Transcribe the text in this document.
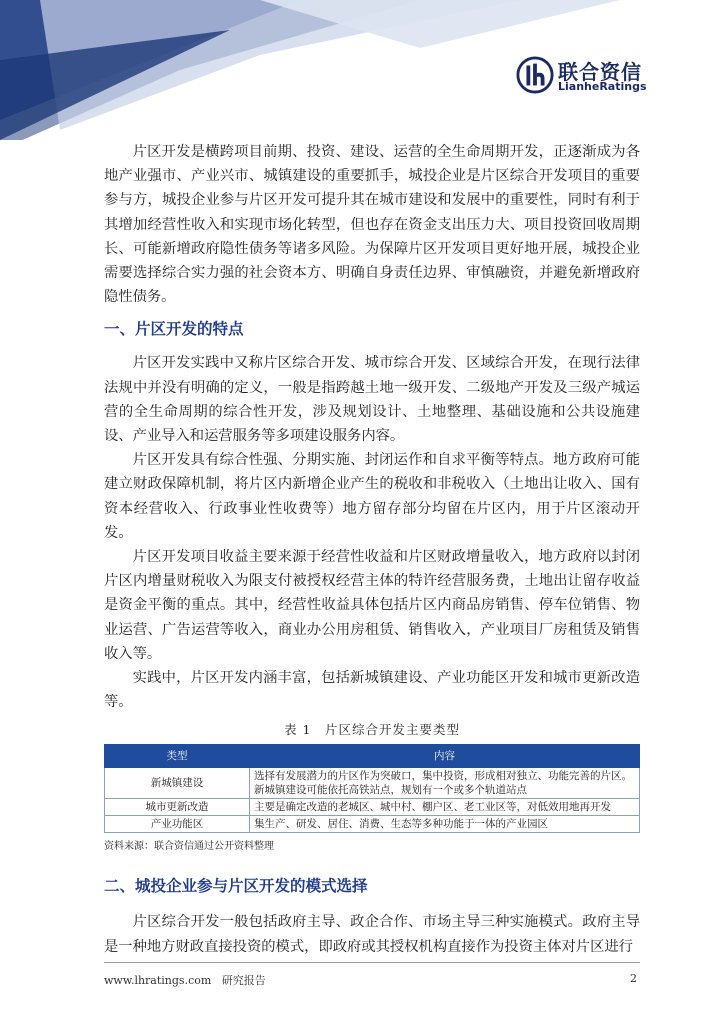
联合资信
LianheRatings

片区开发是横跨项目前期、投资、建设、运营的全生命周期开发，正逐渐成为各地产业强市、产业兴市、城镇建设的重要抓手，城投企业是片区综合开发项目的重要参与方，城投企业参与片区开发可提升其在城市建设和发展中的重要性，同时有利于其增加经营性收入和实现市场化转型，但也存在资金支出压力大、项目投资回收周期长、可能新增政府隐性债务等诸多风险。为保障片区开发项目更好地开展，城投企业需要选择综合实力强的社会资本方、明确自身责任边界、审慎融资，并避免新增政府隐性债务。

一、片区开发的特点

片区开发实践中又称片区综合开发、城市综合开发、区域综合开发，在现行法律法规中并没有明确的定义，一般是指跨越土地一级开发、二级地产开发及三级产城运营的全生命周期的综合性开发，涉及规划设计、土地整理、基础设施和公共设施建设、产业导入和运营服务等多项建设服务内容。

片区开发具有综合性强、分期实施、封闭运作和自求平衡等特点。地方政府可能建立财政保障机制，将片区内新增企业产生的税收和非税收入（土地出让收入、国有资本经营收入、行政事业性收费等）地方留存部分均留在片区内，用于片区滚动开发。

片区开发项目收益主要来源于经营性收益和片区财政增量收入，地方政府以封闭片区内增量财税收入为限支付被授权经营主体的特许经营服务费，土地出让留存收益是资金平衡的重点。其中，经营性收益具体包括片区内商品房销售、停车位销售、物业运营、广告运营等收入，商业办公用房租赁、销售收入，产业项目厂房租赁及销售收入等。

实践中，片区开发内涵丰富，包括新城镇建设、产业功能区开发和城市更新改造等。

表 1　片区综合开发主要类型
类型	内容
新城镇建设	选择有发展潜力的片区作为突破口，集中投资，形成相对独立、功能完善的片区。新城镇建设可能依托高铁站点，规划有一个或多个轨道站点
城市更新改造	主要是确定改造的老城区、城中村、棚户区、老工业区等，对低效用地再开发
产业功能区	集生产、研发、居住、消费、生态等多种功能于一体的产业园区
资料来源：联合资信通过公开资料整理
二、城投企业参与片区开发的模式选择

片区综合开发一般包括政府主导、政企合作、市场主导三种实施模式。政府主导是一种地方财政直接投资的模式，即政府或其授权机构直接作为投资主体对片区进行

www.lhratings.com 研究报告	2
